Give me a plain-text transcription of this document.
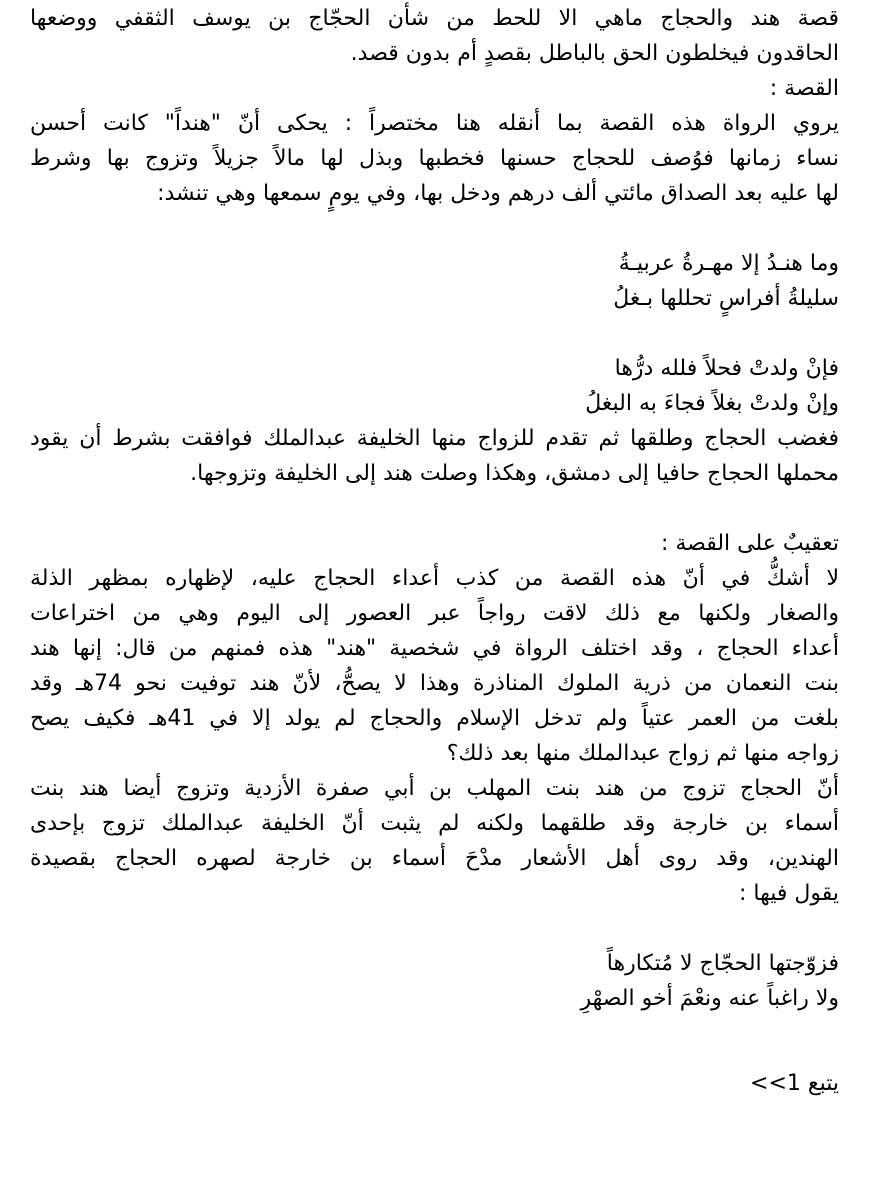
قصة هند والحجاج ماهي الا للحط من شأن الحجّاج بن يوسف الثقفي ووضعها
الحاقدون فيخلطون الحق بالباطل بقصدٍ أم بدون قصد.
القصة :
يروي الرواة هذه القصة بما أنقله هنا مختصراً : يحكى أنّ "هنداً" كانت أحسن
نساء زمانها فوُصف للحجاج حسنها فخطبها وبذل لها مالاً جزيلاً وتزوج بها وشرط
لها عليه بعد الصداق مائتي ألف درهم ودخل بها، وفي يومٍ سمعها وهي تنشد:
وما هنـدُ إلا مهـرةُ عربيـةُ
سليلةُ أفراسٍ تحللها بـغلُ
فإنْ ولدتْ فحلاً فلله درُّها
وإنْ ولدتْ بغلاً فجاءَ به البغلُ
فغضب الحجاج وطلقها ثم تقدم للزواج منها الخليفة عبدالملك فوافقت بشرط أن يقود
محملها الحجاج حافيا إلى دمشق، وهكذا وصلت هند إلى الخليفة وتزوجها.
تعقيبٌ على القصة :
لا أشكُّ في أنّ هذه القصة من كذب أعداء الحجاج عليه، لإظهاره بمظهر الذلة
والصغار ولكنها مع ذلك لاقت رواجاً عبر العصور إلى اليوم وهي من اختراعات
أعداء الحجاج ، وقد اختلف الرواة في شخصية "هند" هذه فمنهم من قال: إنها هند
بنت النعمان من ذرية الملوك المناذرة وهذا لا يصحُّ، لأنّ هند توفيت نحو 74هـ وقد
بلغت من العمر عتياً ولم تدخل الإسلام والحجاج لم يولد إلا في 41هـ فكيف يصح
زواجه منها ثم زواج عبدالملك منها بعد ذلك؟
أنّ الحجاج تزوج من هند بنت المهلب بن أبي صفرة الأزدية وتزوج أيضا هند بنت
أسماء بن خارجة وقد طلقهما ولكنه لم يثبت أنّ الخليفة عبدالملك تزوج بإحدى
الهندين، وقد روى أهل الأشعار مدْحَ أسماء بن خارجة لصهره الحجاج بقصيدة
يقول فيها :
فزوّجتها الحجّاج لا مُتكارهاً
ولا راغباً عنه ونعْمَ أخو الصهْرِ
يتبع 1>>
